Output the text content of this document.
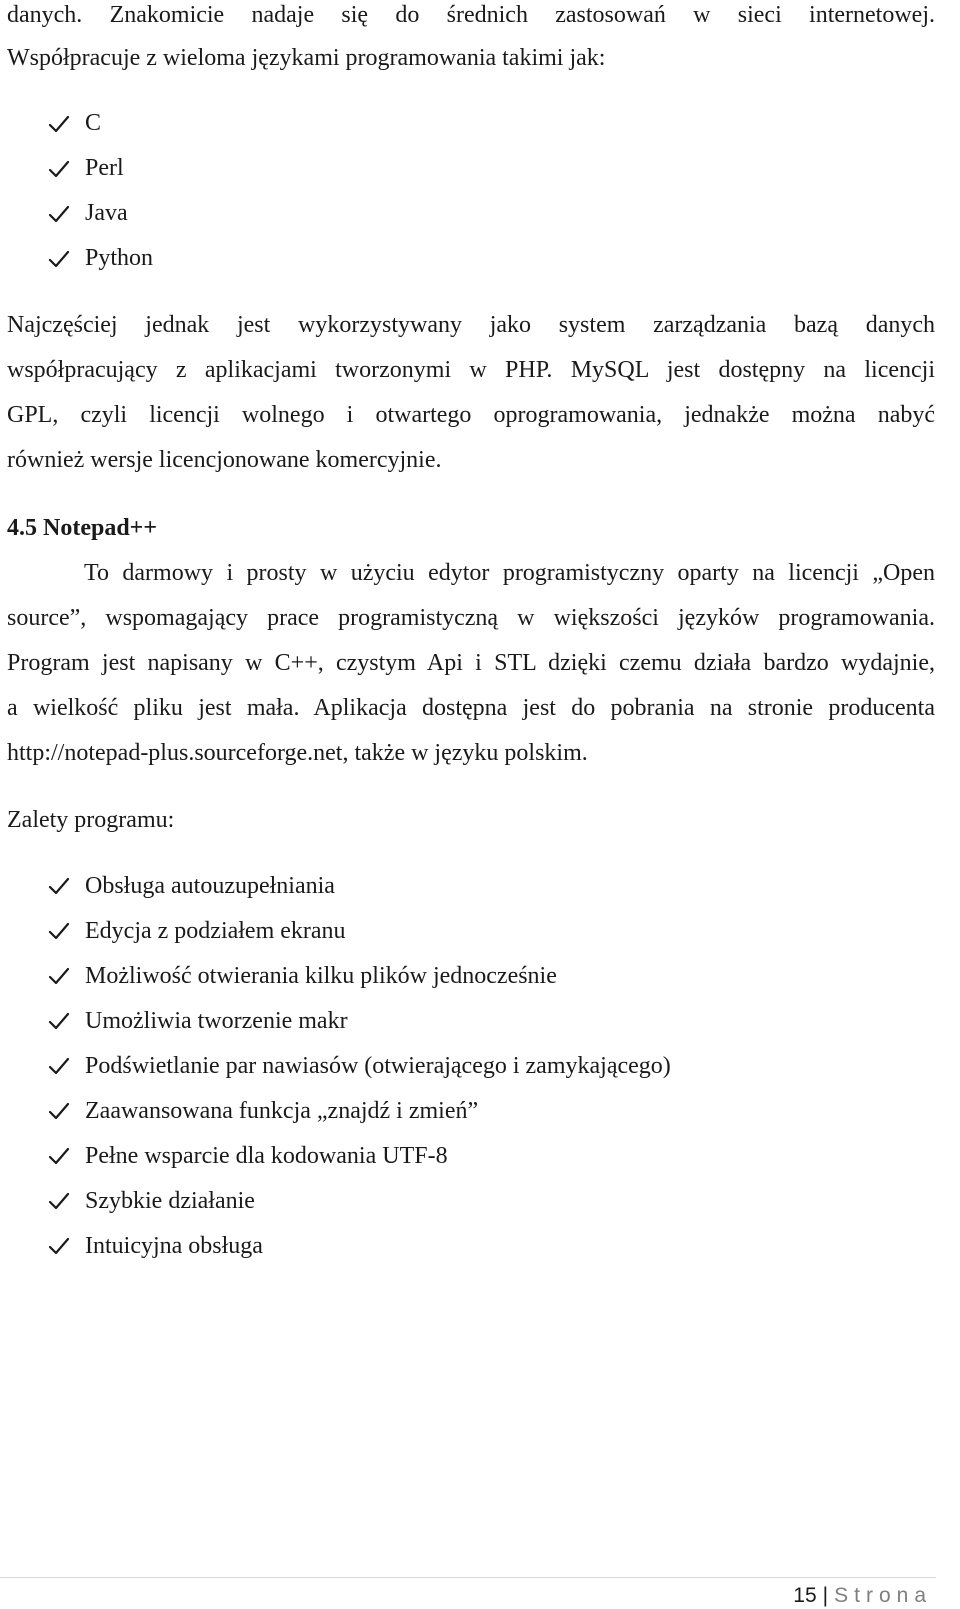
danych. Znakomicie nadaje się do średnich zastosowań w sieci internetowej.
Współpracuje z wieloma językami programowania takimi jak:
C
Perl
Java
Python
Najczęściej jednak jest wykorzystywany jako system zarządzania bazą danych
współpracujący z aplikacjami tworzonymi w PHP. MySQL jest dostępny na licencji
GPL, czyli licencji wolnego i otwartego oprogramowania, jednakże można nabyć
również wersje licencjonowane komercyjnie.
4.5 Notepad++
To darmowy i prosty w użyciu edytor programistyczny oparty na licencji „Open
source”, wspomagający prace programistyczną w większości języków programowania.
Program jest napisany w C++, czystym Api i STL dzięki czemu działa bardzo wydajnie,
a wielkość pliku jest mała. Aplikacja dostępna jest do pobrania na stronie producenta
http://notepad-plus.sourceforge.net, także w języku polskim.
Zalety programu:
Obsługa autouzupełniania
Edycja z podziałem ekranu
Możliwość otwierania kilku plików jednocześnie
Umożliwia tworzenie makr
Podświetlanie par nawiasów (otwierającego i zamykającego)
Zaawansowana funkcja „znajdź i zmień”
Pełne wsparcie dla kodowania UTF-8
Szybkie działanie
Intuicyjna obsługa
15 | Strona
